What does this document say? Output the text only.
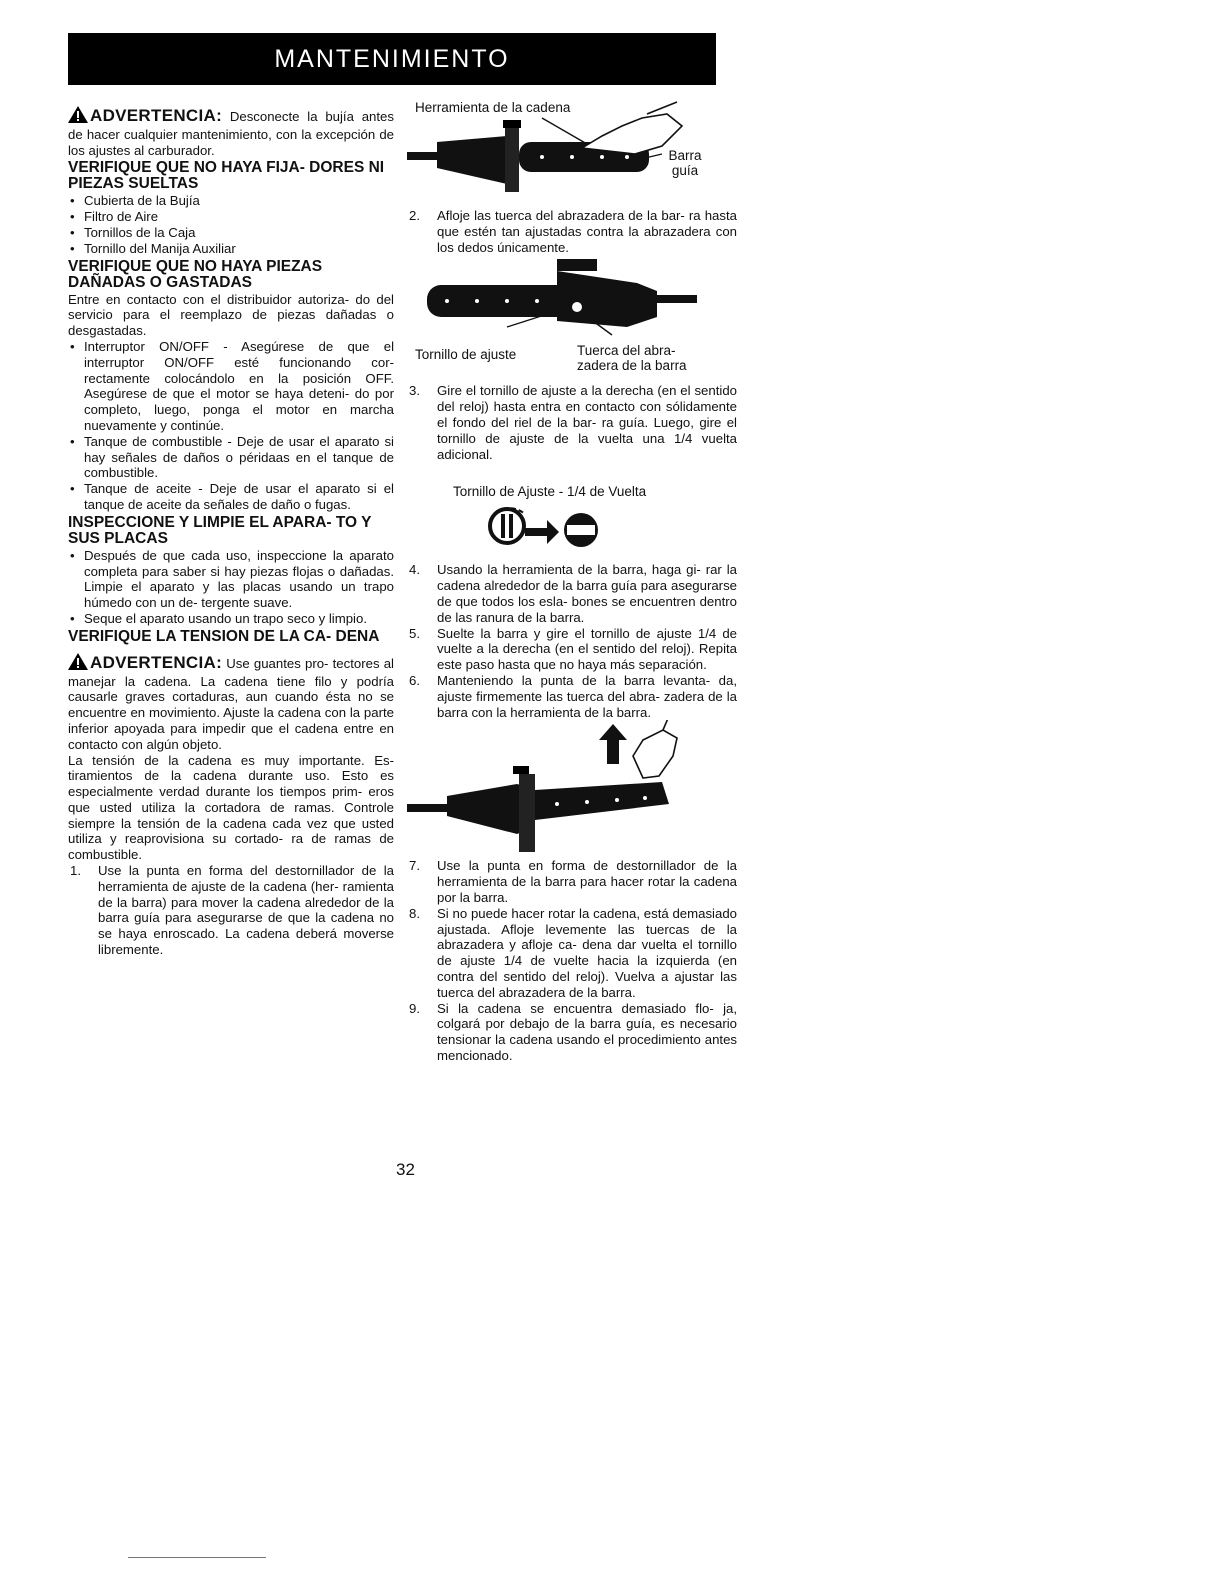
MANTENIMIENTO

ADVERTENCIA: Desconecte la bujía antes de hacer cualquier mantenimiento, con la excepción de los ajustes al carburador.

VERIFIQUE QUE NO HAYA FIJA- DORES NI PIEZAS SUELTAS
• Cubierta de la Bujía
• Filtro de Aire
• Tornillos de la Caja
• Tornillo del Manija Auxiliar
VERIFIQUE QUE NO HAYA PIEZAS DAÑADAS O GASTADAS

Entre en contacto con el distribuidor autoriza- do del servicio para el reemplazo de piezas dañadas o desgastadas.

• Interruptor ON/OFF - Asegúrese de que el interruptor ON/OFF esté funcionando cor- rectamente colocándolo en la posición OFF. Asegúrese de que el motor se haya deteni- do por completo, luego, ponga el motor en marcha nuevamente y continúe.
• Tanque de combustible - Deje de usar el aparato si hay señales de daños o péridaas en el tanque de combustible.
• Tanque de aceite - Deje de usar el aparato si el tanque de aceite da señales de daño o fugas.
INSPECCIONE Y LIMPIE EL APARA- TO Y SUS PLACAS
• Después de que cada uso, inspeccione la aparato completa para saber si hay piezas flojas o dañadas. Limpie el aparato y las placas usando un trapo húmedo con un de- tergente suave.
• Seque el aparato usando un trapo seco y limpio.
VERIFIQUE LA TENSION DE LA CA- DENA

ADVERTENCIA: Use guantes pro- tectores al manejar la cadena. La cadena tiene filo y podría causarle graves cortaduras, aun cuando ésta no se encuentre en movimiento. Ajuste la cadena con la parte inferior apoyada para impedir que el cadena entre en contacto con algún objeto.

La tensión de la cadena es muy importante. Es- tiramientos de la cadena durante uso. Esto es especialmente verdad durante los tiempos prim- eros que usted utiliza la cortadora de ramas. Controle siempre la tensión de la cadena cada vez que usted utiliza y reaprovisiona su cortado- ra de ramas de combustible.

1. Use la punta en forma del destornillador de la herramienta de ajuste de la cadena (her- ramienta de la barra) para mover la cadena alrededor de la barra guía para asegurarse de que la cadena no se haya enroscado. La cadena deberá moverse libremente.
Herramienta de la cadena
Barra guía
2. Afloje las tuerca del abrazadera de la bar- ra hasta que estén tan ajustadas contra la abrazadera con los dedos únicamente.
Tornillo de ajuste	Tuerca del abra- zadera de la barra
3. Gire el tornillo de ajuste a la derecha (en el sentido del reloj) hasta entra en contacto con sólidamente el fondo del riel de la bar- ra guía. Luego, gire el tornillo de ajuste de la vuelta una 1/4 vuelta adicional.
Tornillo de Ajuste - 1/4 de Vuelta
4. Usando la herramienta de la barra, haga gi- rar la cadena alrededor de la barra guía para asegurarse de que todos los esla- bones se encuentren dentro de las ranura de la barra.
5. Suelte la barra y gire el tornillo de ajuste 1/4 de vuelte a la derecha (en el sentido del reloj). Repita este paso hasta que no haya más separación.
6. Manteniendo la punta de la barra levanta- da, ajuste firmemente las tuerca del abra- zadera de la barra con la herramienta de la barra.
7. Use la punta en forma de destornillador de la herramienta de la barra para hacer rotar la cadena por la barra.
8. Si no puede hacer rotar la cadena, está demasiado ajustada. Afloje levemente las tuercas de la abrazadera y afloje ca- dena dar vuelta el tornillo de ajuste 1/4 de vuelte hacia la izquierda (en contra del sentido del reloj). Vuelva a ajustar las tuerca del abrazadera de la barra.
9. Si la cadena se encuentra demasiado flo- ja, colgará por debajo de la barra guía, es necesario tensionar la cadena usando el procedimiento antes mencionado.
32
